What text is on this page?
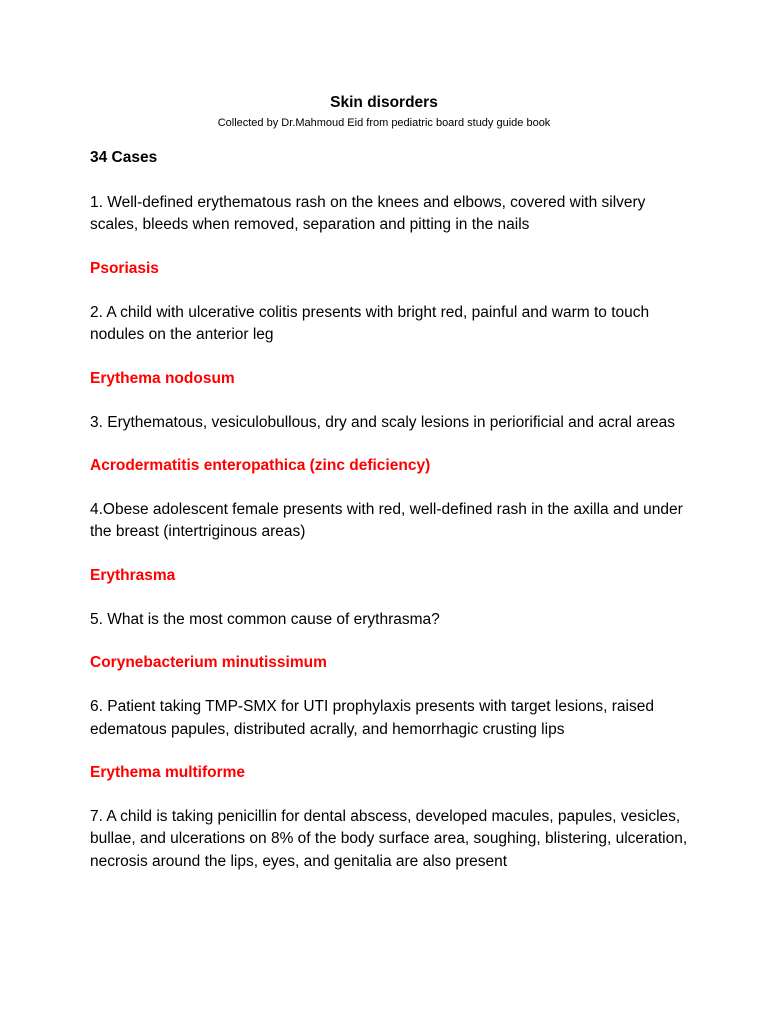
Skin disorders

Collected by Dr.Mahmoud Eid from pediatric board study guide book

34 Cases

1. Well-defined erythematous rash on the knees and elbows, covered with silvery scales, bleeds when removed, separation and pitting in the nails

Psoriasis

2. A child with ulcerative colitis presents with bright red, painful and warm to touch nodules on the anterior leg

Erythema nodosum

3. Erythematous, vesiculobullous, dry and scaly lesions in periorificial and acral areas

Acrodermatitis enteropathica (zinc deficiency)

4.Obese adolescent female presents with red, well-defined rash in the axilla and under the breast (intertriginous areas)

Erythrasma

5. What is the most common cause of erythrasma?

Corynebacterium minutissimum

6. Patient taking TMP-SMX for UTI prophylaxis presents with target lesions, raised edematous papules, distributed acrally, and hemorrhagic crusting lips

Erythema multiforme

7. A child is taking penicillin for dental abscess, developed macules, papules, vesicles, bullae, and ulcerations on 8% of the body surface area, soughing, blistering, ulceration, necrosis around the lips, eyes, and genitalia are also present
